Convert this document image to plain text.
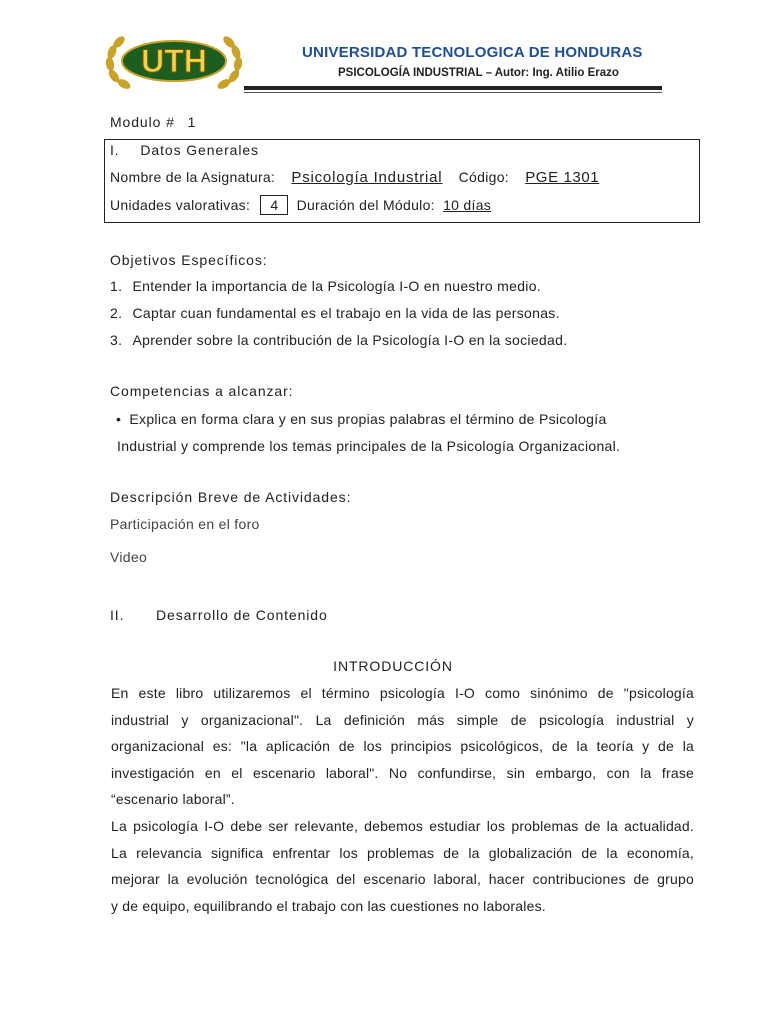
UTH	UNIVERSIDAD TECNOLOGICA DE HONDURAS
PSICOLOGÍA INDUSTRIAL – Autor: Ing. Atilio Erazo
Modulo # 1
I. Datos Generales
Nombre de la Asignatura: Psicología Industrial Código: PGE 1301
Unidades valorativas: 4 Duración del Módulo: 10 días
Objetivos Específicos:
1. Entender la importancia de la Psicología I-O en nuestro medio.
2. Captar cuan fundamental es el trabajo en la vida de las personas.
3. Aprender sobre la contribución de la Psicología I-O en la sociedad.
Competencias a alcanzar:
• Explica en forma clara y en sus propias palabras el término de Psicología
Industrial y comprende los temas principales de la Psicología Organizacional.
Descripción Breve de Actividades:
Participación en el foro
Video
II. Desarrollo de Contenido
INTRODUCCIÓN
En este libro utilizaremos el término psicología I-O como sinónimo de "psicología
industrial y organizacional". La definición más simple de psicología industrial y
organizacional es: "la aplicación de los principios psicológicos, de la teoría y de la
investigación en el escenario laboral". No confundirse, sin embargo, con la frase
“escenario laboral”.
La psicología I-O debe ser relevante, debemos estudiar los problemas de la actualidad.
La relevancia significa enfrentar los problemas de la globalización de la economía,
mejorar la evolución tecnológica del escenario laboral, hacer contribuciones de grupo
y de equipo, equilibrando el trabajo con las cuestiones no laborales.
